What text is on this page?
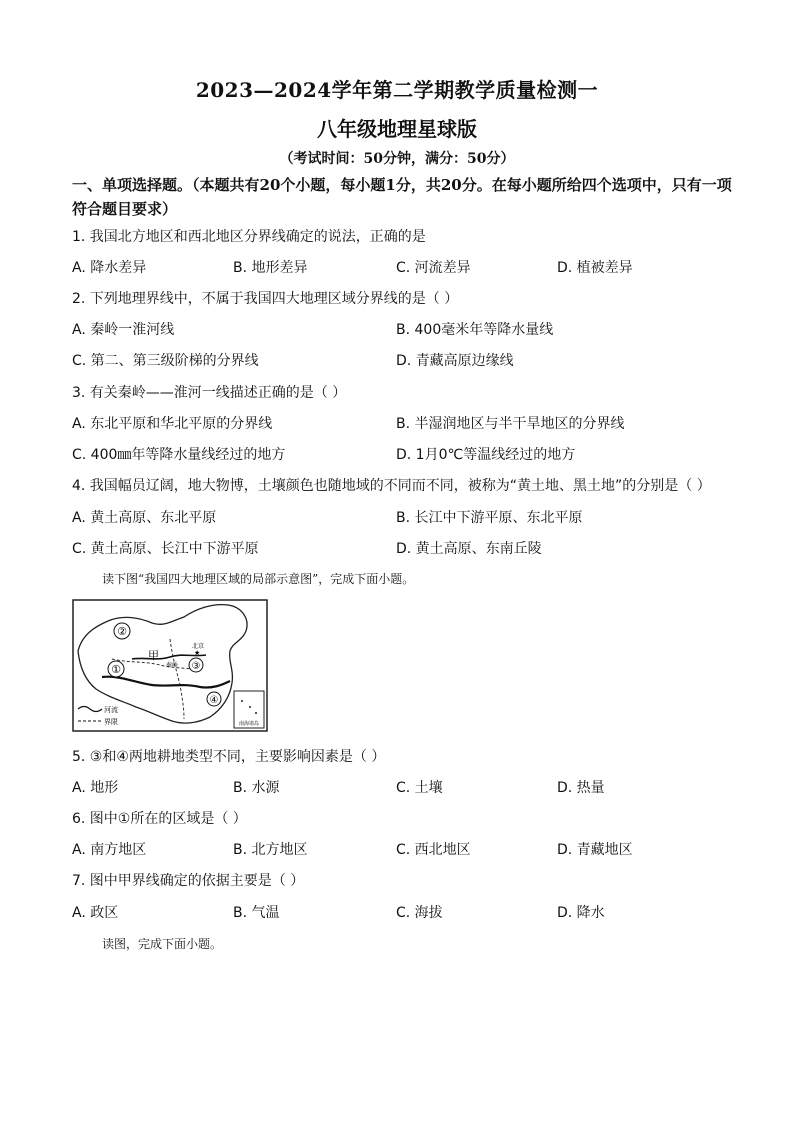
2023—2024学年第二学期教学质量检测一
八年级地理星球版
（考试时间：50分钟，满分：50分）
一、单项选择题。（本题共有20个小题，每小题1分，共20分。在每小题所给四个选项中，只有一项符合题目要求）
1. 我国北方地区和西北地区分界线确定的说法，正确的是
A. 降水差异	B. 地形差异	C. 河流差异	D. 植被差异
2. 下列地理界线中，不属于我国四大地理区域分界线的是（ ）
A. 秦岭一淮河线	B. 400毫米年等降水量线
C. 第二、第三级阶梯的分界线	D. 青藏高原边缘线
3. 有关秦岭——淮河一线描述正确的是（ ）
A. 东北平原和华北平原的分界线	B. 半湿润地区与半干旱地区的分界线
C. 400㎜年等降水量线经过的地方	D. 1月0℃等温线经过的地方
4. 我国幅员辽阔，地大物博，土壤颜色也随地域的不同而不同，被称为“黄土地、黑土地”的分别是（ ）
A. 黄土高原、东北平原	B. 长江中下游平原、东北平原
C. 黄土高原、长江中下游平原	D. 黄土高原、东南丘陵
读下图“我国四大地理区域的局部示意图”，完成下面小题。
②
①	③
④
甲
北京
★
秦岭
河流
界限	南海诸岛
5. ③和④两地耕地类型不同，主要影响因素是（ ）
A. 地形	B. 水源	C. 土壤	D. 热量
6. 图中①所在的区域是（ ）
A. 南方地区	B. 北方地区	C. 西北地区	D. 青藏地区
7. 图中甲界线确定的依据主要是（ ）
A. 政区	B. 气温	C. 海拔	D. 降水
读图，完成下面小题。
